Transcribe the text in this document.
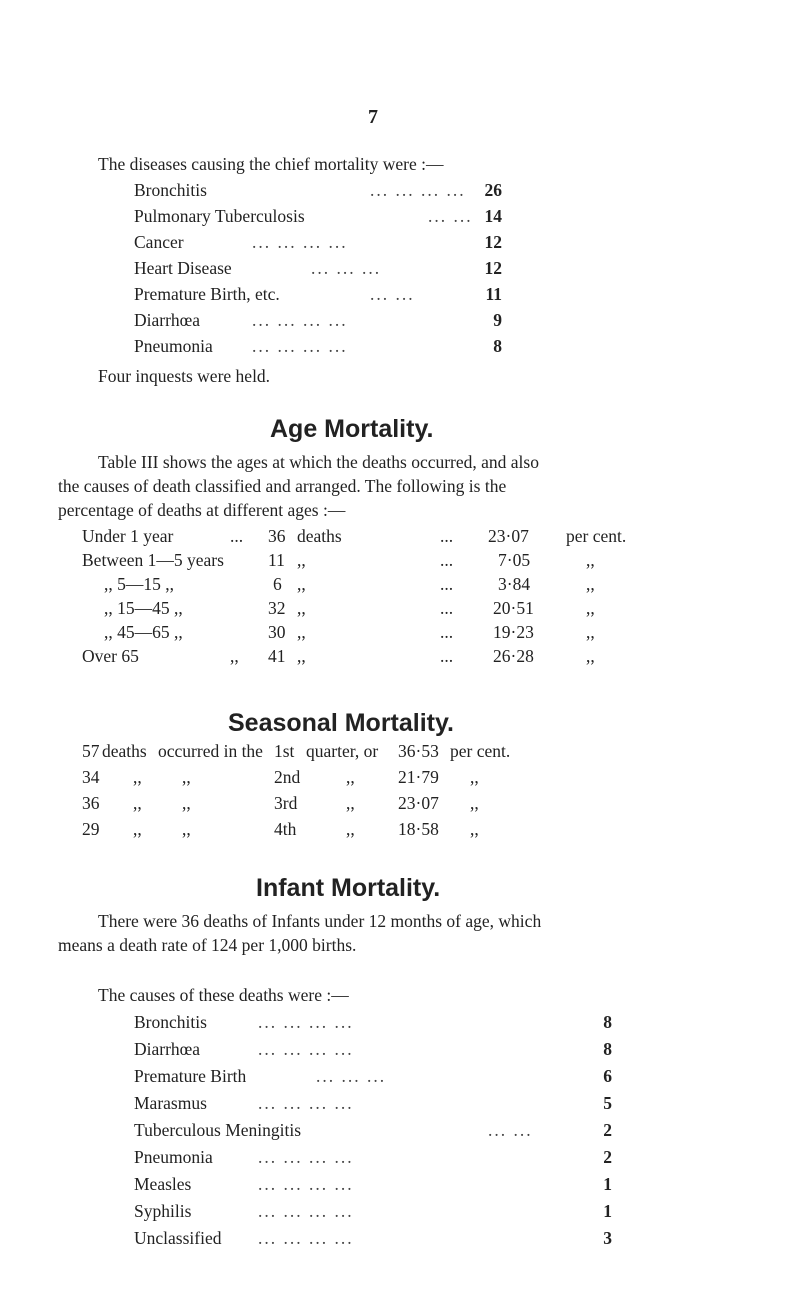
7
The diseases causing the chief mortality were :—
Bronchitis	... ... ... ...	26
Pulmonary Tuberculosis	... ... 14
Cancer	... ... ... ...	12
Heart Disease	... ... ...	12
Premature Birth, etc.	... ...	11
Diarrhœa	... ... ... ...	9
Pneumonia ... ... ... ...	8
Four inquests were held.
Age Mortality.
Table III shows the ages at which the deaths occurred, and also
the causes of death classified and arranged. The following is the
percentage of deaths at different ages :—
Under 1 year	... 36 deaths	... 23·07 per cent.
Between 1—5 years	11 ,,	...	7·05	,,
,, 5—15 ,,	6 ,,	...	3·84	,,
,, 15—45 ,,	32 ,,	... 20·51	,,
,, 45—65 ,,	30 ,,	... 19·23	,,
Over 65	,, 41 ,,	... 26·28	,,
Seasonal Mortality.
57 deaths occurred in the 1st quarter, or 36·53 per cent.
34 ,, ,,	2nd	,, 21·79 ,,
36 ,, ,,	3rd	,, 23·07 ,,
29 ,, ,,	4th	,, 18·58 ,,
Infant Mortality.
There were 36 deaths of Infants under 12 months of age, which
means a death rate of 124 per 1,000 births.
The causes of these deaths were :—
Bronchitis	... ... ... ...	8
Diarrhœa	... ... ... ...	8
Premature Birth	... ... ...	6
Marasmus	... ... ... ...	5
Tuberculous Meningitis	... ...	2
Pneumonia	... ... ... ...	2
Measles	... ... ... ...	1
Syphilis	... ... ... ...	1
Unclassified ... ... ... ...	3
